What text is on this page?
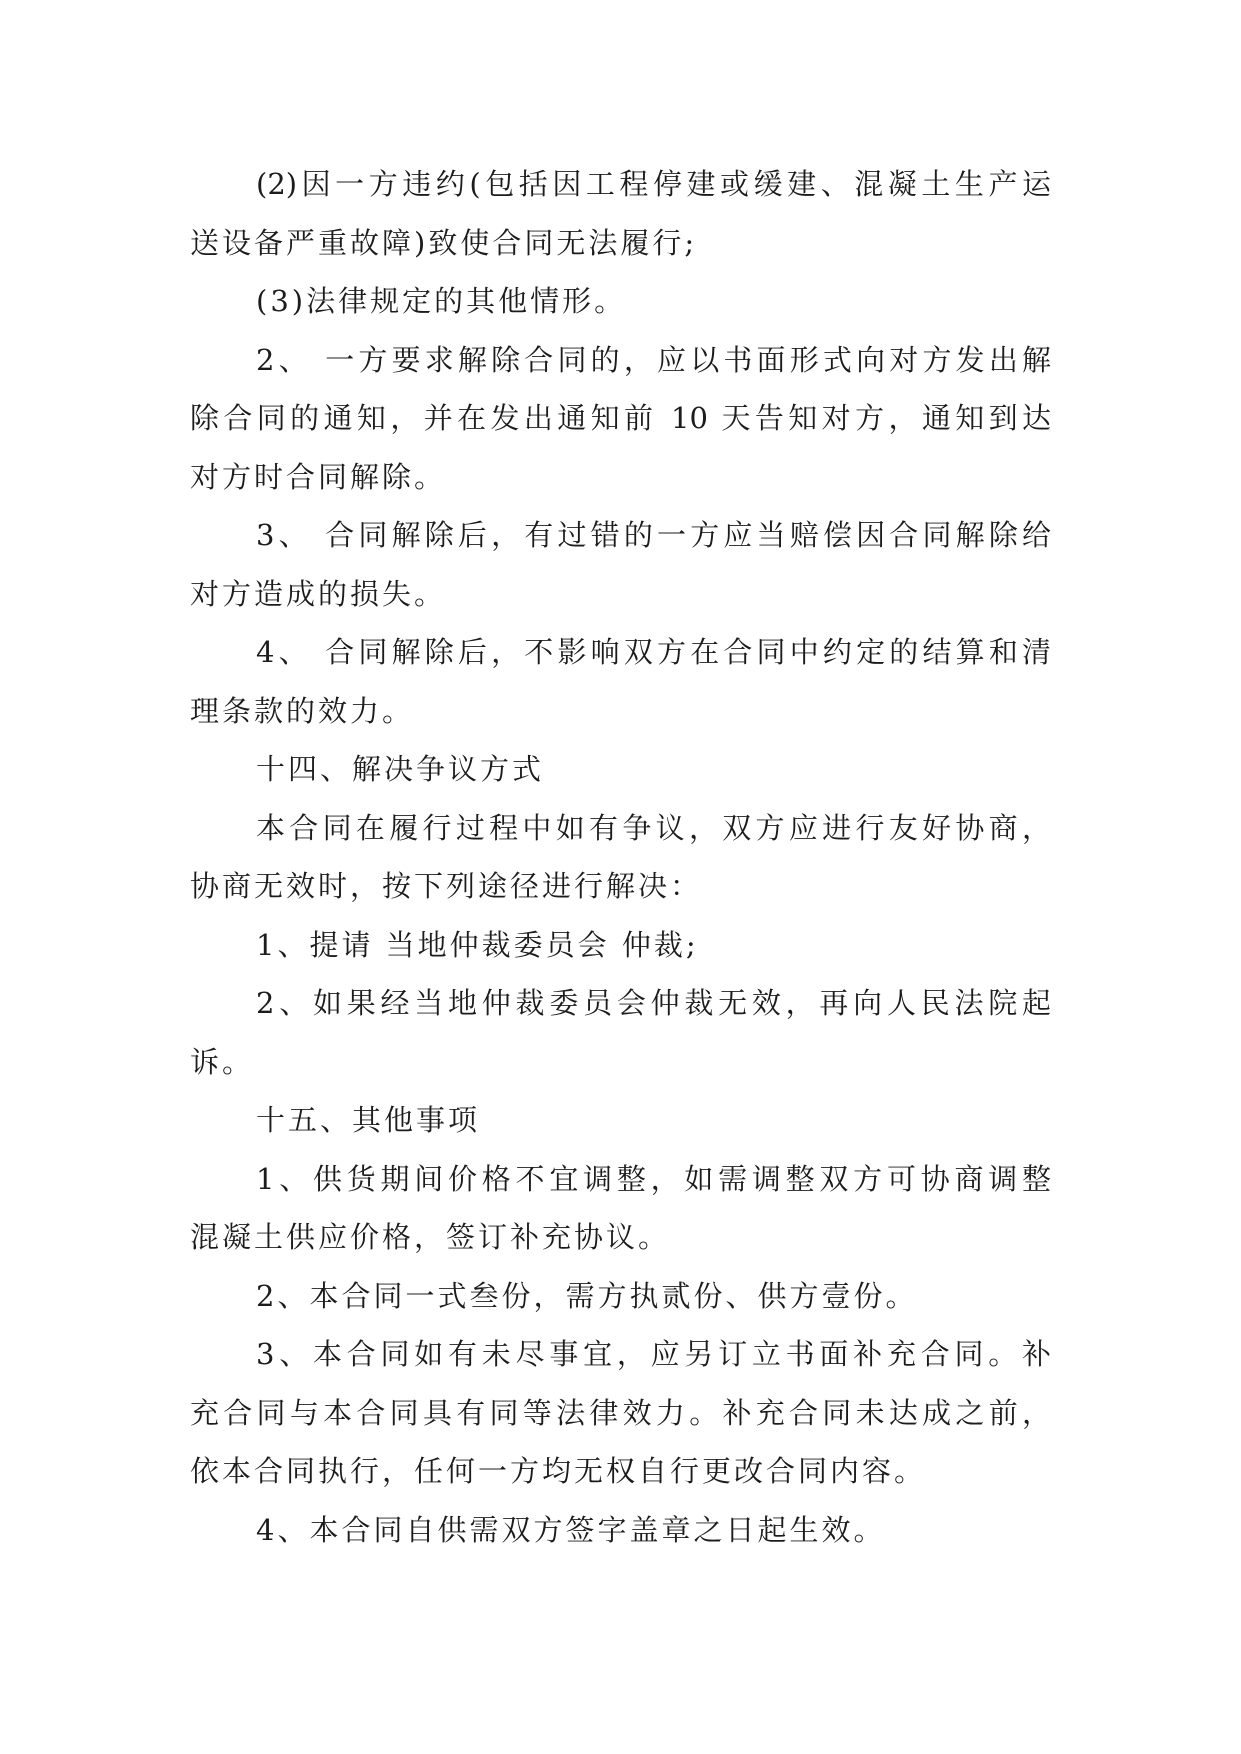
(2)因一方违约(包括因工程停建或缓建、混凝土生产运
送设备严重故障)致使合同无法履行;
(3)法律规定的其他情形。
2、 一方要求解除合同的，应以书面形式向对方发出解
除合同的通知，并在发出通知前 10 天告知对方，通知到达
对方时合同解除。
3、 合同解除后，有过错的一方应当赔偿因合同解除给
对方造成的损失。
4、 合同解除后，不影响双方在合同中约定的结算和清
理条款的效力。
十四、解决争议方式
本合同在履行过程中如有争议，双方应进行友好协商，
协商无效时，按下列途径进行解决：
1、提请 当地仲裁委员会 仲裁;
2、如果经当地仲裁委员会仲裁无效，再向人民法院起
诉。
十五、其他事项
1、供货期间价格不宜调整，如需调整双方可协商调整
混凝土供应价格，签订补充协议。
2、本合同一式叁份，需方执贰份、供方壹份。
3、本合同如有未尽事宜，应另订立书面补充合同。补
充合同与本合同具有同等法律效力。补充合同未达成之前，
依本合同执行，任何一方均无权自行更改合同内容。
4、本合同自供需双方签字盖章之日起生效。
